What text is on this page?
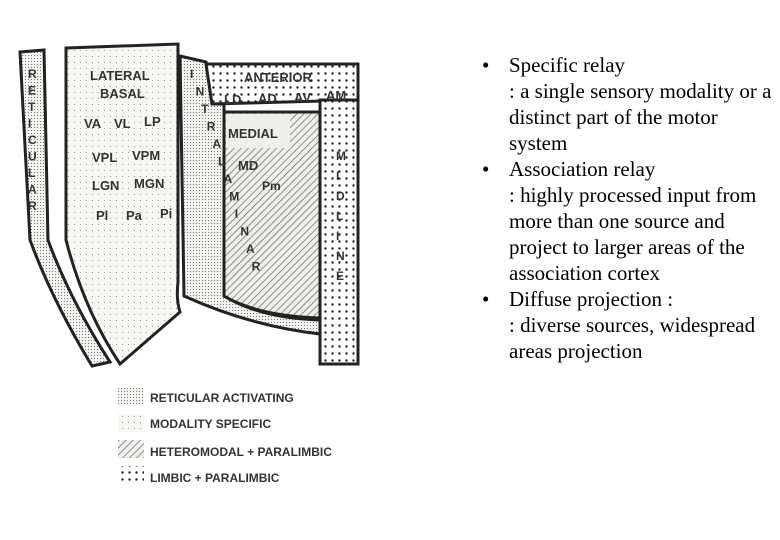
R
E
T
I
C
U
L
A
R
I
N
T
R
A
L
A
M
I
N
A
R
M
I
D
L
I
N
E
LATERAL
BASAL
VA VL LP
VPL VPM
LGN MGN
Pl Pa Pi
ANTERIOR
LD AD AV AM
MEDIAL
MD
Pm
RETICULAR ACTIVATING
MODALITY SPECIFIC
HETEROMODAL + PARALIMBIC
LIMBIC + PARALIMBIC
• Specific relay
: a single sensory modality or a distinct part of the motor system
• Association relay
: highly processed input from more than one source and project to larger areas of the association cortex
• Diffuse projection :
: diverse sources, widespread areas projection
